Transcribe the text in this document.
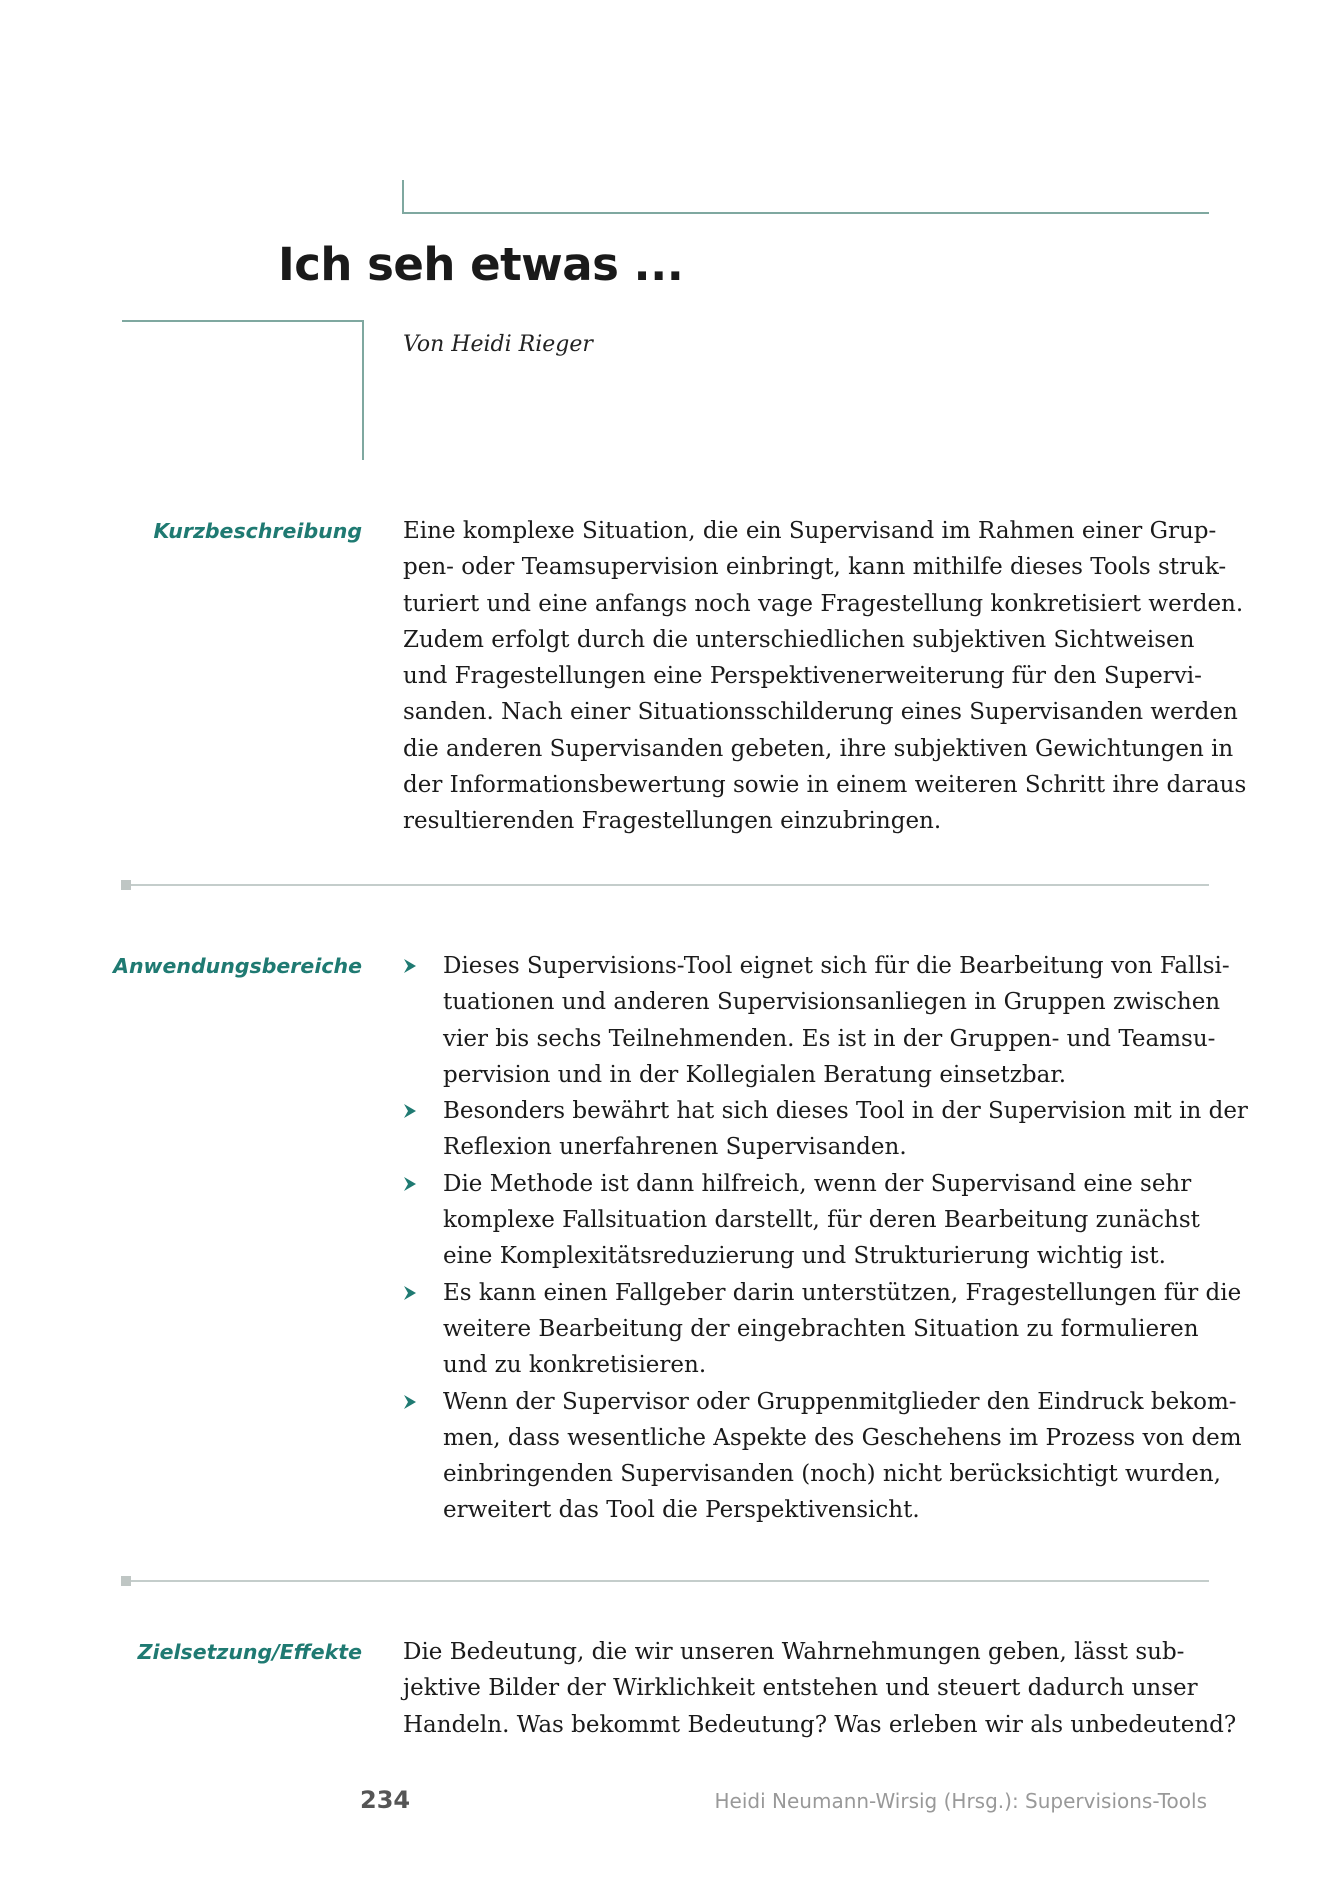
Ich seh etwas ...
Von Heidi Rieger
Kurzbeschreibung Eine komplexe Situation, die ein Supervisand im Rahmen einer Grup-
pen- oder Teamsupervision einbringt, kann mithilfe dieses Tools struk-
turiert und eine anfangs noch vage Fragestellung konkretisiert werden.
Zudem erfolgt durch die unterschiedlichen subjektiven Sichtweisen
und Fragestellungen eine Perspektivenerweiterung für den Supervi-
sanden. Nach einer Situationsschilderung eines Supervisanden werden
die anderen Supervisanden gebeten, ihre subjektiven Gewichtungen in
der Informationsbewertung sowie in einem weiteren Schritt ihre daraus
resultierenden Fragestellungen einzubringen.
Anwendungsbereiche	Dieses Supervisions-Tool eignet sich für die Bearbeitung von Fallsi-
tuationen und anderen Supervisionsanliegen in Gruppen zwischen
vier bis sechs Teilnehmenden. Es ist in der Gruppen- und Teamsu-
pervision und in der Kollegialen Beratung einsetzbar.
Besonders bewährt hat sich dieses Tool in der Supervision mit in der
Reflexion unerfahrenen Supervisanden.
Die Methode ist dann hilfreich, wenn der Supervisand eine sehr
komplexe Fallsituation darstellt, für deren Bearbeitung zunächst
eine Komplexitätsreduzierung und Strukturierung wichtig ist.
Es kann einen Fallgeber darin unterstützen, Fragestellungen für die
weitere Bearbeitung der eingebrachten Situation zu formulieren
und zu konkretisieren.
Wenn der Supervisor oder Gruppenmitglieder den Eindruck bekom-
men, dass wesentliche Aspekte des Geschehens im Prozess von dem
einbringenden Supervisanden (noch) nicht berücksichtigt wurden,
erweitert das Tool die Perspektivensicht.
Zielsetzung/Effekte Die Bedeutung, die wir unseren Wahrnehmungen geben, lässt sub-
jektive Bilder der Wirklichkeit entstehen und steuert dadurch unser
Handeln. Was bekommt Bedeutung? Was erleben wir als unbedeutend?
234	Heidi Neumann-Wirsig (Hrsg.): Supervisions-Tools
